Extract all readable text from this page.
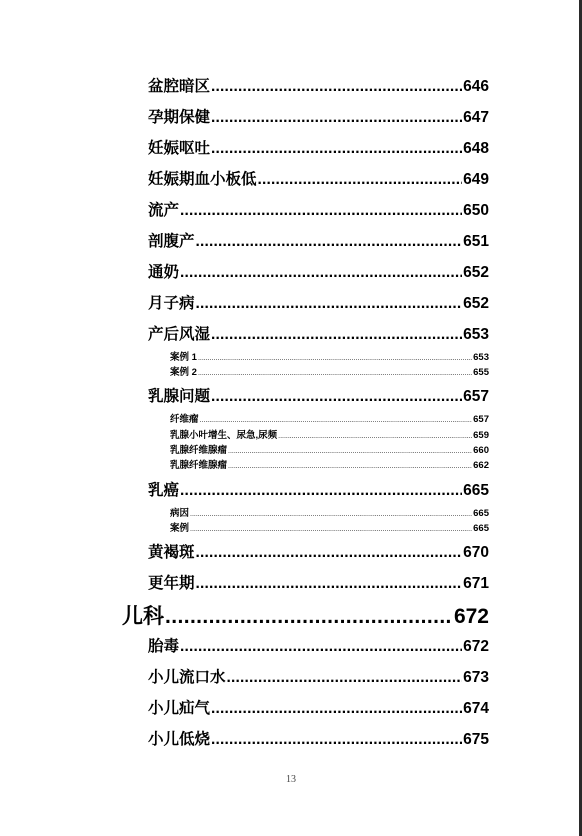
盆腔暗区 .....	646
孕期保健 .....	647
妊娠呕吐 .....	648
妊娠期血小板低 .....	649
流产 .....	650
剖腹产 .....	651
通奶 .....	652
月子病 .....	652
产后风湿 .....	653
案例 1 .....	653
案例 2 .....	655
乳腺问题 .....	657
纤维瘤 .....	657
乳腺小叶增生、尿急,尿频 .....	659
乳腺纤维腺瘤 .....	660
乳腺纤维腺瘤 .....	662
乳癌 .....	665
病因 .....	665
案例 .....	665
黄褐斑 .....	670
更年期 .....	671
儿科 .....	672
胎毒 .....	672
小儿流口水 .....	673
小儿疝气 .....	674
小儿低烧 .....	675
13
